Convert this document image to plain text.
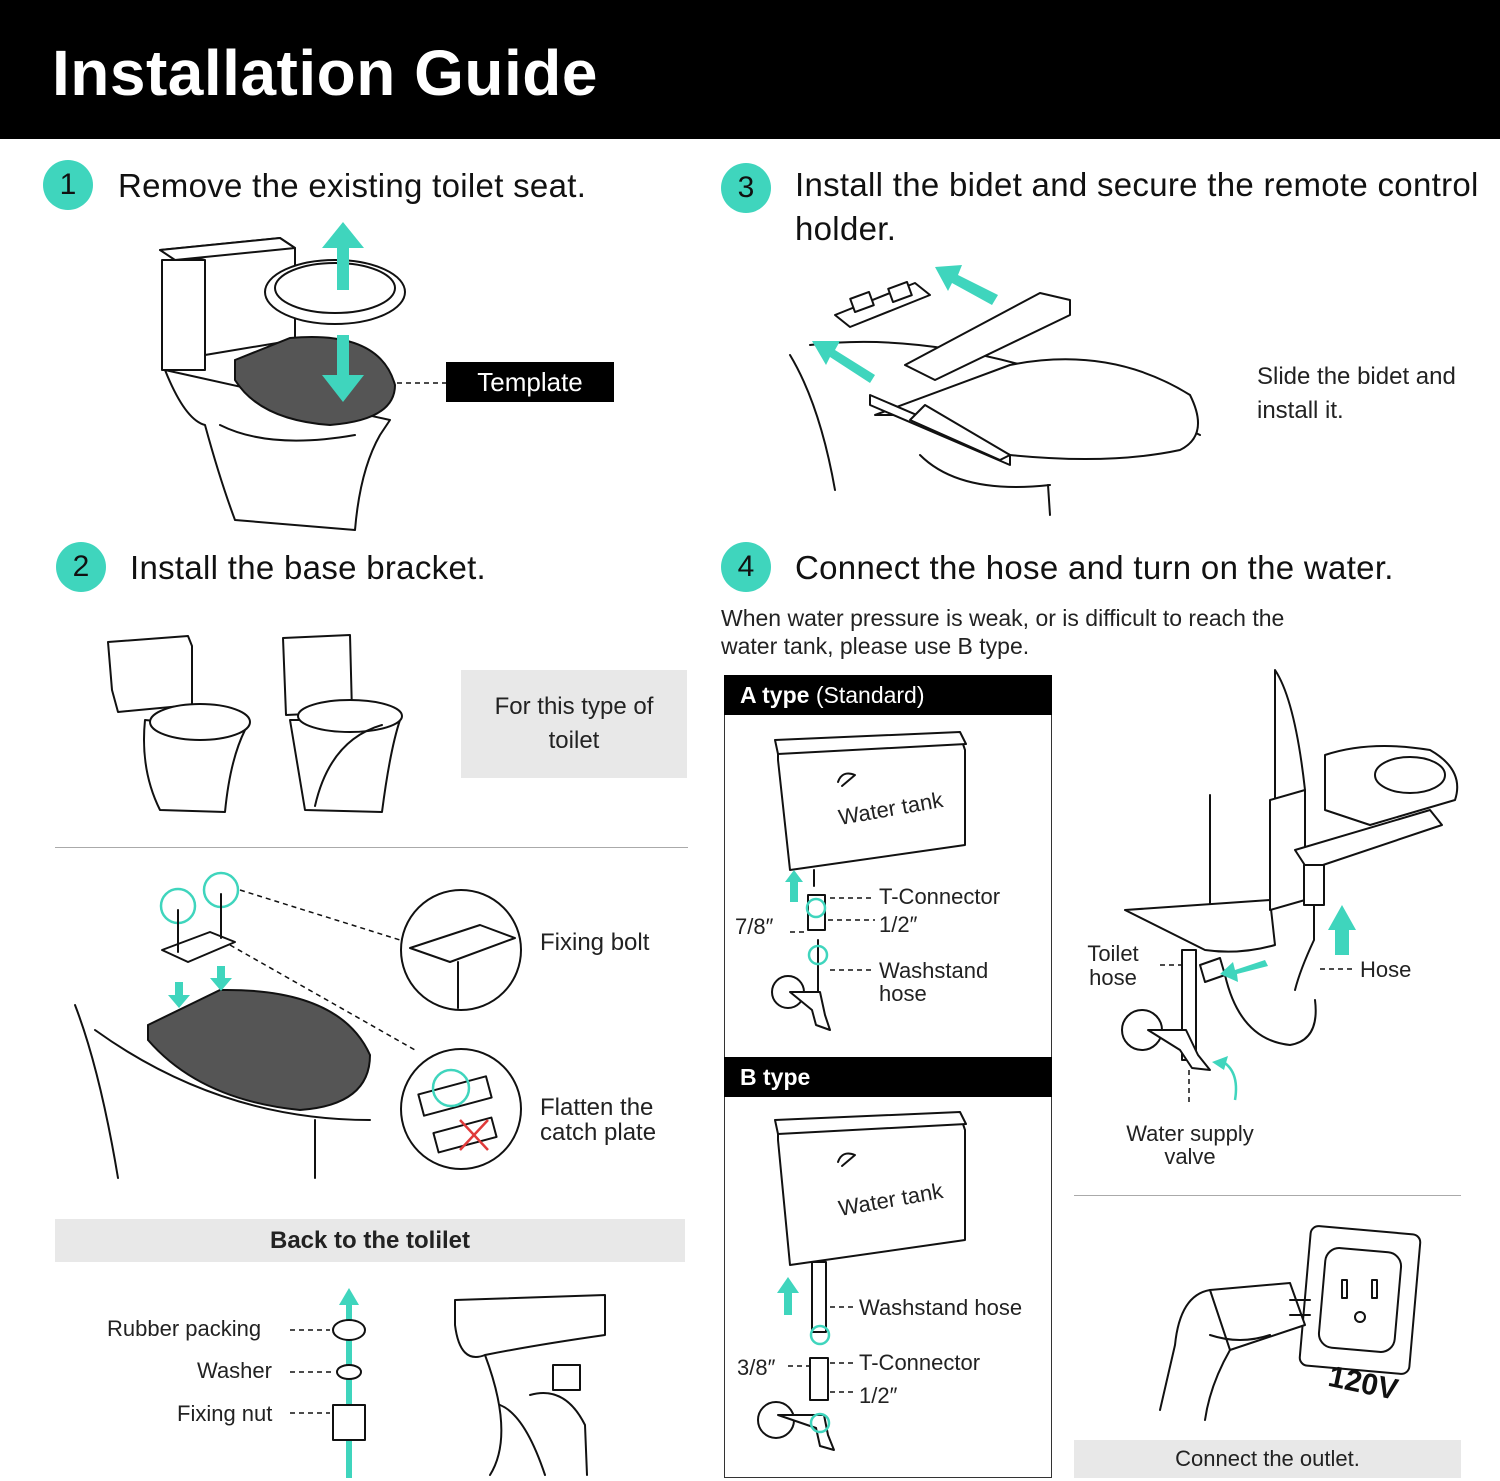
Installation Guide
1	Remove the existing toilet seat.
Template
3	Install the bidet and secure the remote control holder.
Slide the bidet and install it.
2	Install the base bracket.
For this type of toilet
Fixing bolt
Flatten the catch plate
Back to the tolilet
Rubber packing
Washer
Fixing nut
4	Connect the hose and turn on the water.
When water pressure is weak, or is difficult to reach the water tank, please use B type.
A type (Standard)
B type
Water tank
T-Connector
1/2″
7/8″
Washstand hose
Water tank
Washstand hose
T-Connector
1/2″
3/8″
Toilet hose	Hose
Water supply valve
120V
Connect the outlet.
